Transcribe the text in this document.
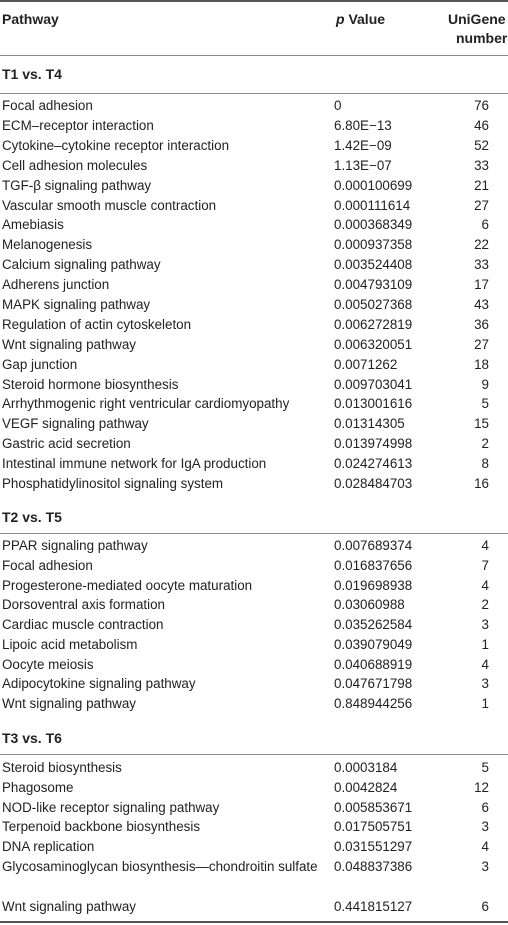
Pathway	p Value	UniGene
number
T1 vs. T4
Focal adhesion	0	76
ECM–receptor interaction	6.80E−13	46
Cytokine–cytokine receptor interaction	1.42E−09	52
Cell adhesion molecules	1.13E−07	33
TGF-β signaling pathway	0.000100699	21
Vascular smooth muscle contraction	0.000111614	27
Amebiasis	0.000368349	6
Melanogenesis	0.000937358	22
Calcium signaling pathway	0.003524408	33
Adherens junction	0.004793109	17
MAPK signaling pathway	0.005027368	43
Regulation of actin cytoskeleton	0.006272819	36
Wnt signaling pathway	0.006320051	27
Gap junction	0.0071262	18
Steroid hormone biosynthesis	0.009703041	9
Arrhythmogenic right ventricular cardiomyopathy	0.013001616	5
VEGF signaling pathway	0.01314305	15
Gastric acid secretion	0.013974998	2
Intestinal immune network for IgA production	0.024274613	8
Phosphatidylinositol signaling system	0.028484703	16
T2 vs. T5
PPAR signaling pathway	0.007689374	4
Focal adhesion	0.016837656	7
Progesterone-mediated oocyte maturation	0.019698938	4
Dorsoventral axis formation	0.03060988	2
Cardiac muscle contraction	0.035262584	3
Lipoic acid metabolism	0.039079049	1
Oocyte meiosis	0.040688919	4
Adipocytokine signaling pathway	0.047671798	3
Wnt signaling pathway	0.848944256	1
T3 vs. T6
Steroid biosynthesis	0.0003184	5
Phagosome	0.0042824	12
NOD-like receptor signaling pathway	0.005853671	6
Terpenoid backbone biosynthesis	0.017505751	3
DNA replication	0.031551297	4
Glycosaminoglycan biosynthesis—chondroitin sulfate	0.048837386	3
Wnt signaling pathway	0.441815127	6
